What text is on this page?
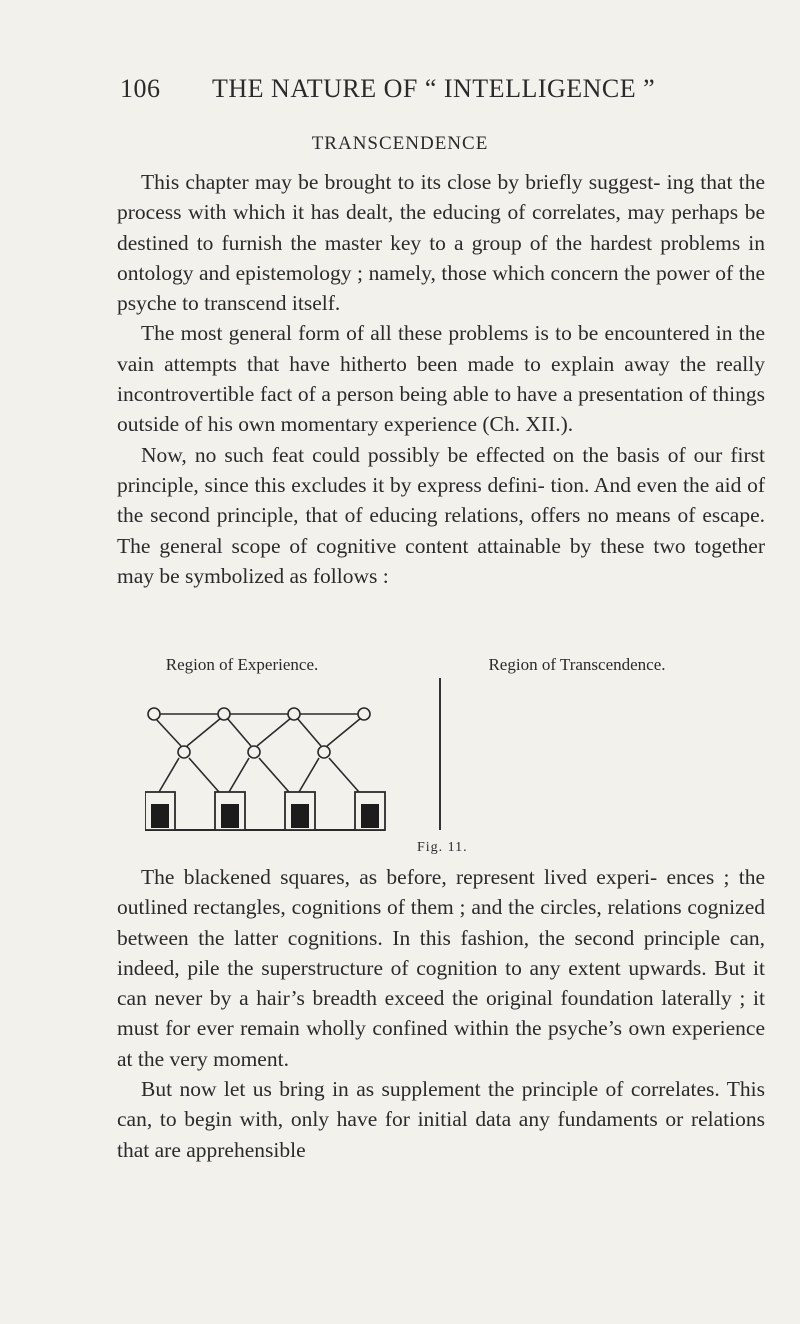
106 THE NATURE OF “ INTELLIGENCE ”
TRANSCENDENCE

This chapter may be brought to its close by briefly suggest- ing that the process with which it has dealt, the educing of correlates, may perhaps be destined to furnish the master key to a group of the hardest problems in ontology and epistemology ; namely, those which concern the power of the psyche to transcend itself.

The most general form of all these problems is to be encountered in the vain attempts that have hitherto been made to explain away the really incontrovertible fact of a person being able to have a presentation of things outside of his own momentary experience (Ch. XII.).

Now, no such feat could possibly be effected on the basis of our first principle, since this excludes it by express defini- tion. And even the aid of the second principle, that of educing relations, offers no means of escape. The general scope of cognitive content attainable by these two together may be symbolized as follows :

Region of Experience.	Region of Transcendence.
Fig. 11.

The blackened squares, as before, represent lived experi- ences ; the outlined rectangles, cognitions of them ; and the circles, relations cognized between the latter cognitions. In this fashion, the second principle can, indeed, pile the superstructure of cognition to any extent upwards. But it can never by a hair’s breadth exceed the original foundation laterally ; it must for ever remain wholly confined within the psyche’s own experience at the very moment.

But now let us bring in as supplement the principle of correlates. This can, to begin with, only have for initial data any fundaments or relations that are apprehensible
